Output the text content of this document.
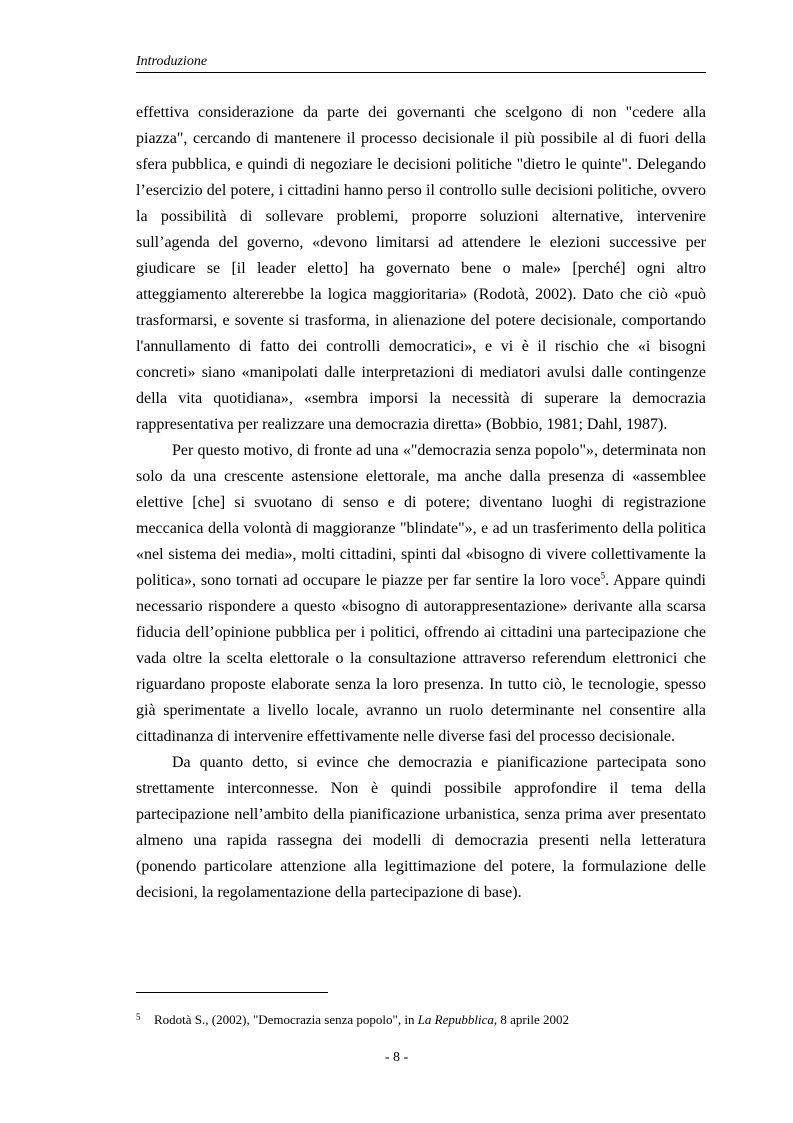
Introduzione

effettiva considerazione da parte dei governanti che scelgono di non "cedere alla piazza", cercando di mantenere il processo decisionale il più possibile al di fuori della sfera pubblica, e quindi di negoziare le decisioni politiche "dietro le quinte". Delegando l’esercizio del potere, i cittadini hanno perso il controllo sulle decisioni politiche, ovvero la possibilità di sollevare problemi, proporre soluzioni alternative, intervenire sull’agenda del governo, «devono limitarsi ad attendere le elezioni successive per giudicare se [il leader eletto] ha governato bene o male» [perché] ogni altro atteggiamento altererebbe la logica maggioritaria» (Rodotà, 2002). Dato che ciò «può trasformarsi, e sovente si trasforma, in alienazione del potere decisionale, comportando l'annullamento di fatto dei controlli democratici», e vi è il rischio che «i bisogni concreti» siano «manipolati dalle interpretazioni di mediatori avulsi dalle contingenze della vita quotidiana», «sembra imporsi la necessità di superare la democrazia rappresentativa per realizzare una democrazia diretta» (Bobbio, 1981; Dahl, 1987).

Per questo motivo, di fronte ad una «"democrazia senza popolo"», determinata non solo da una crescente astensione elettorale, ma anche dalla presenza di «assemblee elettive [che] si svuotano di senso e di potere; diventano luoghi di registrazione meccanica della volontà di maggioranze "blindate"», e ad un trasferimento della politica «nel sistema dei media», molti cittadini, spinti dal «bisogno di vivere collettivamente la politica», sono tornati ad occupare le piazze per far sentire la loro voce$^5$. Appare quindi necessario rispondere a questo «bisogno di autorappresentazione» derivante alla scarsa fiducia dell’opinione pubblica per i politici, offrendo ai cittadini una partecipazione che vada oltre la scelta elettorale o la consultazione attraverso referendum elettronici che riguardano proposte elaborate senza la loro presenza. In tutto ciò, le tecnologie, spesso già sperimentate a livello locale, avranno un ruolo determinante nel consentire alla cittadinanza di intervenire effettivamente nelle diverse fasi del processo decisionale.

Da quanto detto, si evince che democrazia e pianificazione partecipata sono strettamente interconnesse. Non è quindi possibile approfondire il tema della partecipazione nell’ambito della pianificazione urbanistica, senza prima aver presentato almeno una rapida rassegna dei modelli di democrazia presenti nella letteratura (ponendo particolare attenzione alla legittimazione del potere, la formulazione delle decisioni, la regolamentazione della partecipazione di base).

5 Rodotà S., (2002), "Democrazia senza popolo", in La Repubblica, 8 aprile 2002
- 8 -
